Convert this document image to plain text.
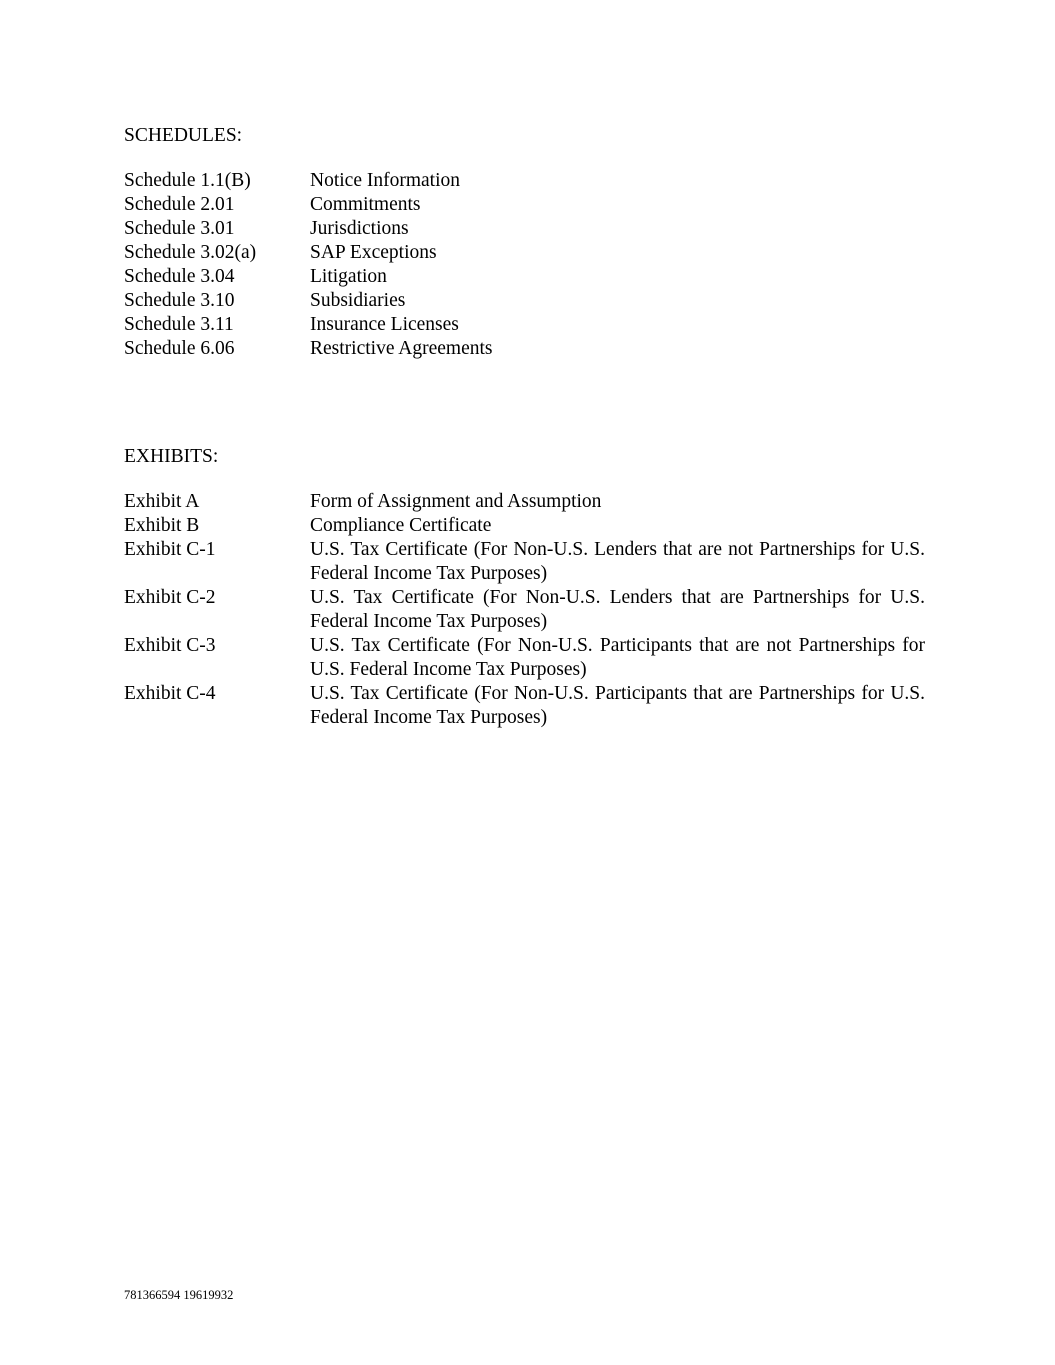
SCHEDULES:
Schedule 1.1(B)	Notice Information
Schedule 2.01	Commitments
Schedule 3.01	Jurisdictions
Schedule 3.02(a)	SAP Exceptions
Schedule 3.04	Litigation
Schedule 3.10	Subsidiaries
Schedule 3.11	Insurance Licenses
Schedule 6.06	Restrictive Agreements
EXHIBITS:
Exhibit A	Form of Assignment and Assumption
Exhibit B	Compliance Certificate
Exhibit C-1	U.S. Tax Certificate (For Non-U.S. Lenders that are not Partnerships for U.S. Federal Income Tax Purposes)
Exhibit C-2	U.S. Tax Certificate (For Non-U.S. Lenders that are Partnerships for U.S. Federal Income Tax Purposes)
Exhibit C-3	U.S. Tax Certificate (For Non-U.S. Participants that are not Partnerships for U.S. Federal Income Tax Purposes)
Exhibit C-4	U.S. Tax Certificate (For Non-U.S. Participants that are Partnerships for U.S. Federal Income Tax Purposes)
781366594 19619932
